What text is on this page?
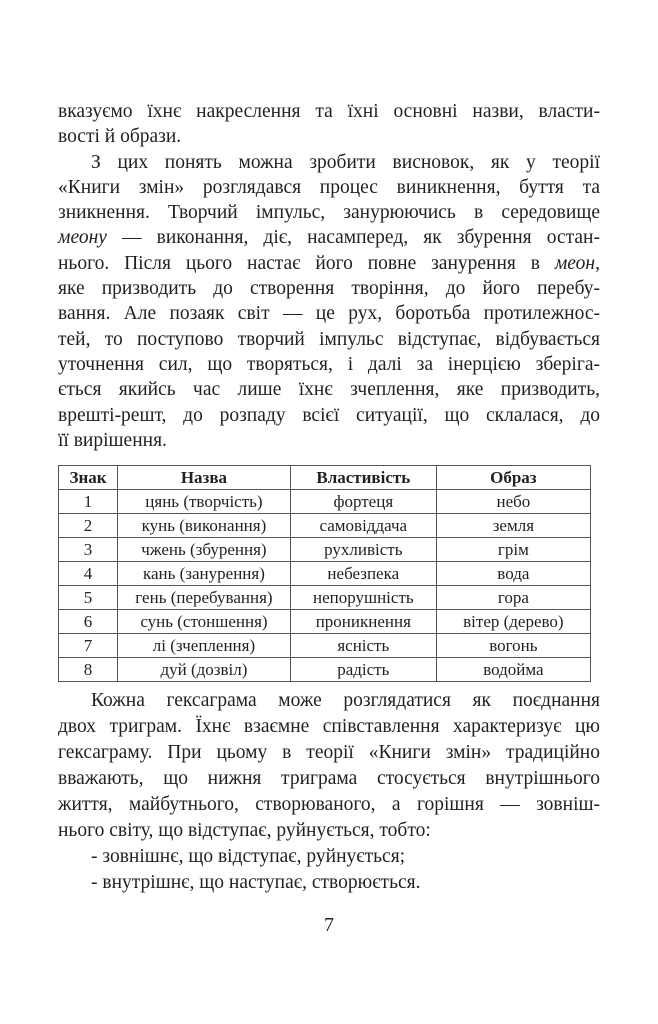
вказуємо їхнє накреслення та їхні основні назви, власти-
вості й образи.
З цих понять можна зробити висновок, як у теорії
«Книги змін» розглядався процес виникнення, буття та
зникнення. Творчий імпульс, занурюючись в середовище
меону — виконання, діє, насамперед, як збурення остан-
нього. Після цього настає його повне занурення в меон,
яке призводить до створення творіння, до його перебу-
вання. Але позаяк світ — це рух, боротьба протилежнос-
тей, то поступово творчий імпульс відступає, відбувається
уточнення сил, що творяться, і далі за інерцією зберіга-
ється якийсь час лише їхнє зчеплення, яке призводить,
врешті-решт, до розпаду всієї ситуації, що склалася, до
її вирішення.
Знак	Назва	Властивість	Образ
1	цянь (творчість)	фортеця	небо
2	кунь (виконання)	самовіддача	земля
3	чжень (збурення)	рухливість	грім
4	кань (занурення)	небезпека	вода
5	гень (перебування)	непорушність	гора
6	сунь (стоншення)	проникнення	вітер (дерево)
7	лі (зчеплення)	ясність	вогонь
8	дуй (дозвіл)	радість	водойма
Кожна гексаграма може розглядатися як поєднання
двох триграм. Їхнє взаємне співставлення характеризує цю
гексаграму. При цьому в теорії «Книги змін» традиційно
вважають, що нижня триграма стосується внутрішнього
життя, майбутнього, створюваного, а горішня — зовніш-
нього світу, що відступає, руйнується, тобто:
- зовнішнє, що відступає, руйнується;
- внутрішнє, що наступає, створюється.
7
